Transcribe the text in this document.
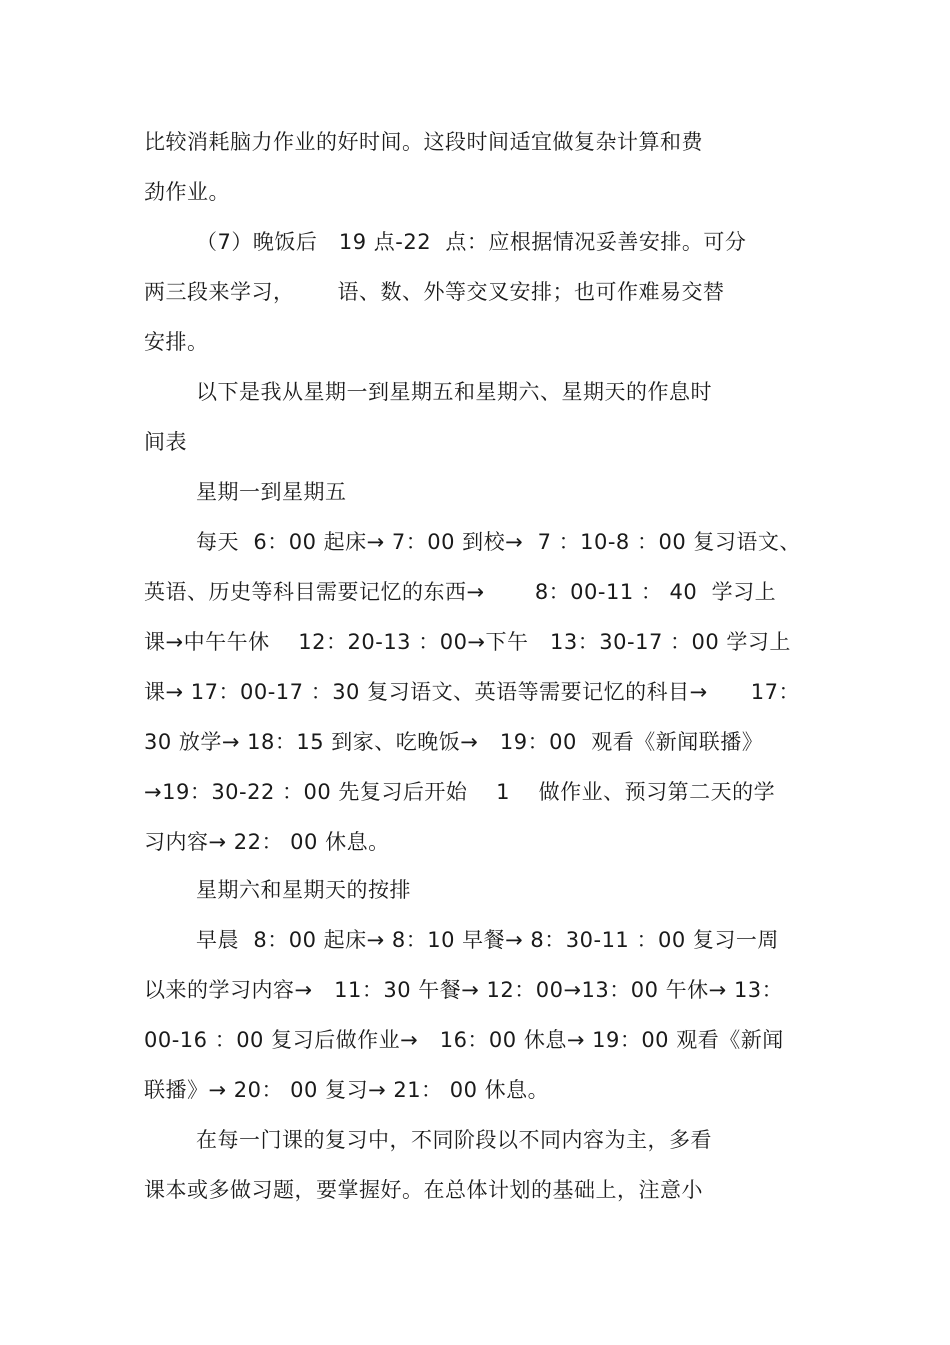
比较消耗脑力作业的好时间。这段时间适宜做复杂计算和费
劲作业。
（7）晚饭后   19 点-22  点：应根据情况妥善安排。可分
两三段来学习，      语、数、外等交叉安排；也可作难易交替
安排。
以下是我从星期一到星期五和星期六、星期天的作息时
间表
星期一到星期五
每天  6：00 起床→ 7：00 到校→  7 ：10-8 ：00 复习语文、
英语、历史等科目需要记忆的东西→       8：00-11 ： 40  学习上
课→中午午休    12：20-13 ：00→下午   13：30-17 ：00 学习上
课→ 17：00-17 ：30 复习语文、英语等需要记忆的科目→      17：
30 放学→ 18：15 到家、吃晚饭→   19：00  观看《新闻联播》
→19：30-22 ：00 先复习后开始    1    做作业、预习第二天的学
习内容→ 22： 00 休息。
星期六和星期天的按排
早晨  8：00 起床→ 8：10 早餐→ 8：30-11 ：00 复习一周
以来的学习内容→   11：30 午餐→ 12：00→13：00 午休→ 13：
00-16 ：00 复习后做作业→   16：00 休息→ 19：00 观看《新闻
联播》→ 20： 00 复习→ 21： 00 休息。
在每一门课的复习中，不同阶段以不同内容为主，多看
课本或多做习题，要掌握好。在总体计划的基础上，注意小
